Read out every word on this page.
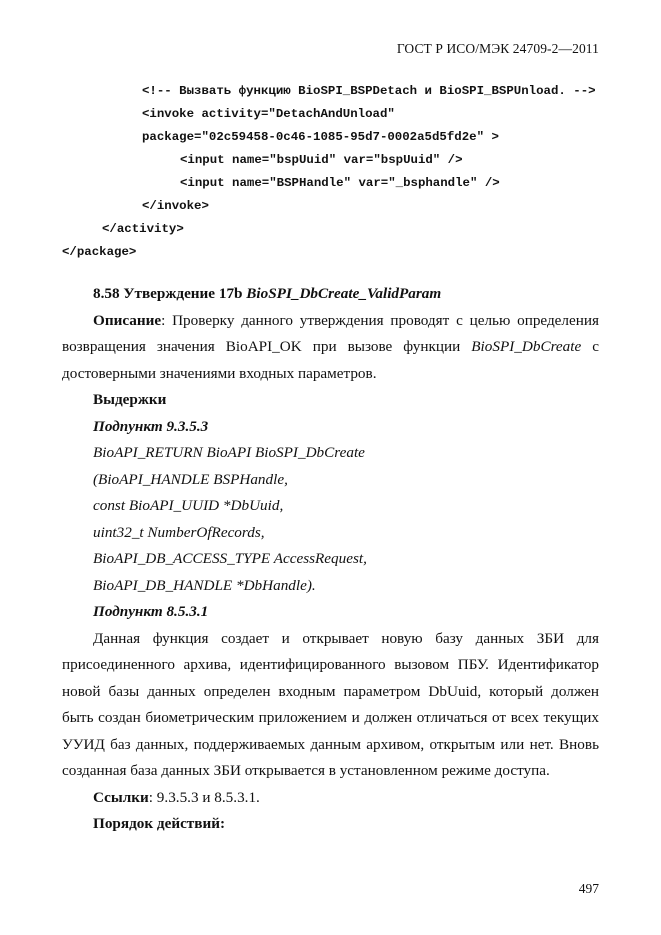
ГОСТ Р ИСО/МЭК 24709-2—2011
<!-- Вызвать функцию BioSPI_BSPDetach и BioSPI_BSPUnload. -->
<invoke activity="DetachAndUnload"
package="02c59458-0c46-1085-95d7-0002a5d5fd2e" >
<input name="bspUuid" var="bspUuid" />
<input name="BSPHandle" var="_bsphandle" />
</invoke>
</activity>
</package>

8.58 Утверждение 17b BioSPI_DbCreate_ValidParam

Описание: Проверку данного утверждения проводят с целью определения возвращения значения BioAPI_OK при вызове функции BioSPI_DbCreate с достоверными значениями входных параметров.

Выдержки

Подпункт 9.3.5.3

BioAPI_RETURN BioAPI BioSPI_DbCreate

(BioAPI_HANDLE BSPHandle,

const BioAPI_UUID *DbUuid,

uint32_t NumberOfRecords,

BioAPI_DB_ACCESS_TYPE AccessRequest,

BioAPI_DB_HANDLE *DbHandle).

Подпункт 8.5.3.1

Данная функция создает и открывает новую базу данных ЗБИ для присоединенного архива, идентифицированного вызовом ПБУ. Идентификатор новой базы данных определен входным параметром DbUuid, который должен быть создан биометрическим приложением и должен отличаться от всех текущих УУИД баз данных, поддерживаемых данным архивом, открытым или нет. Вновь созданная база данных ЗБИ открывается в установленном режиме доступа.

Ссылки: 9.3.5.3 и 8.5.3.1.

Порядок действий:

497
